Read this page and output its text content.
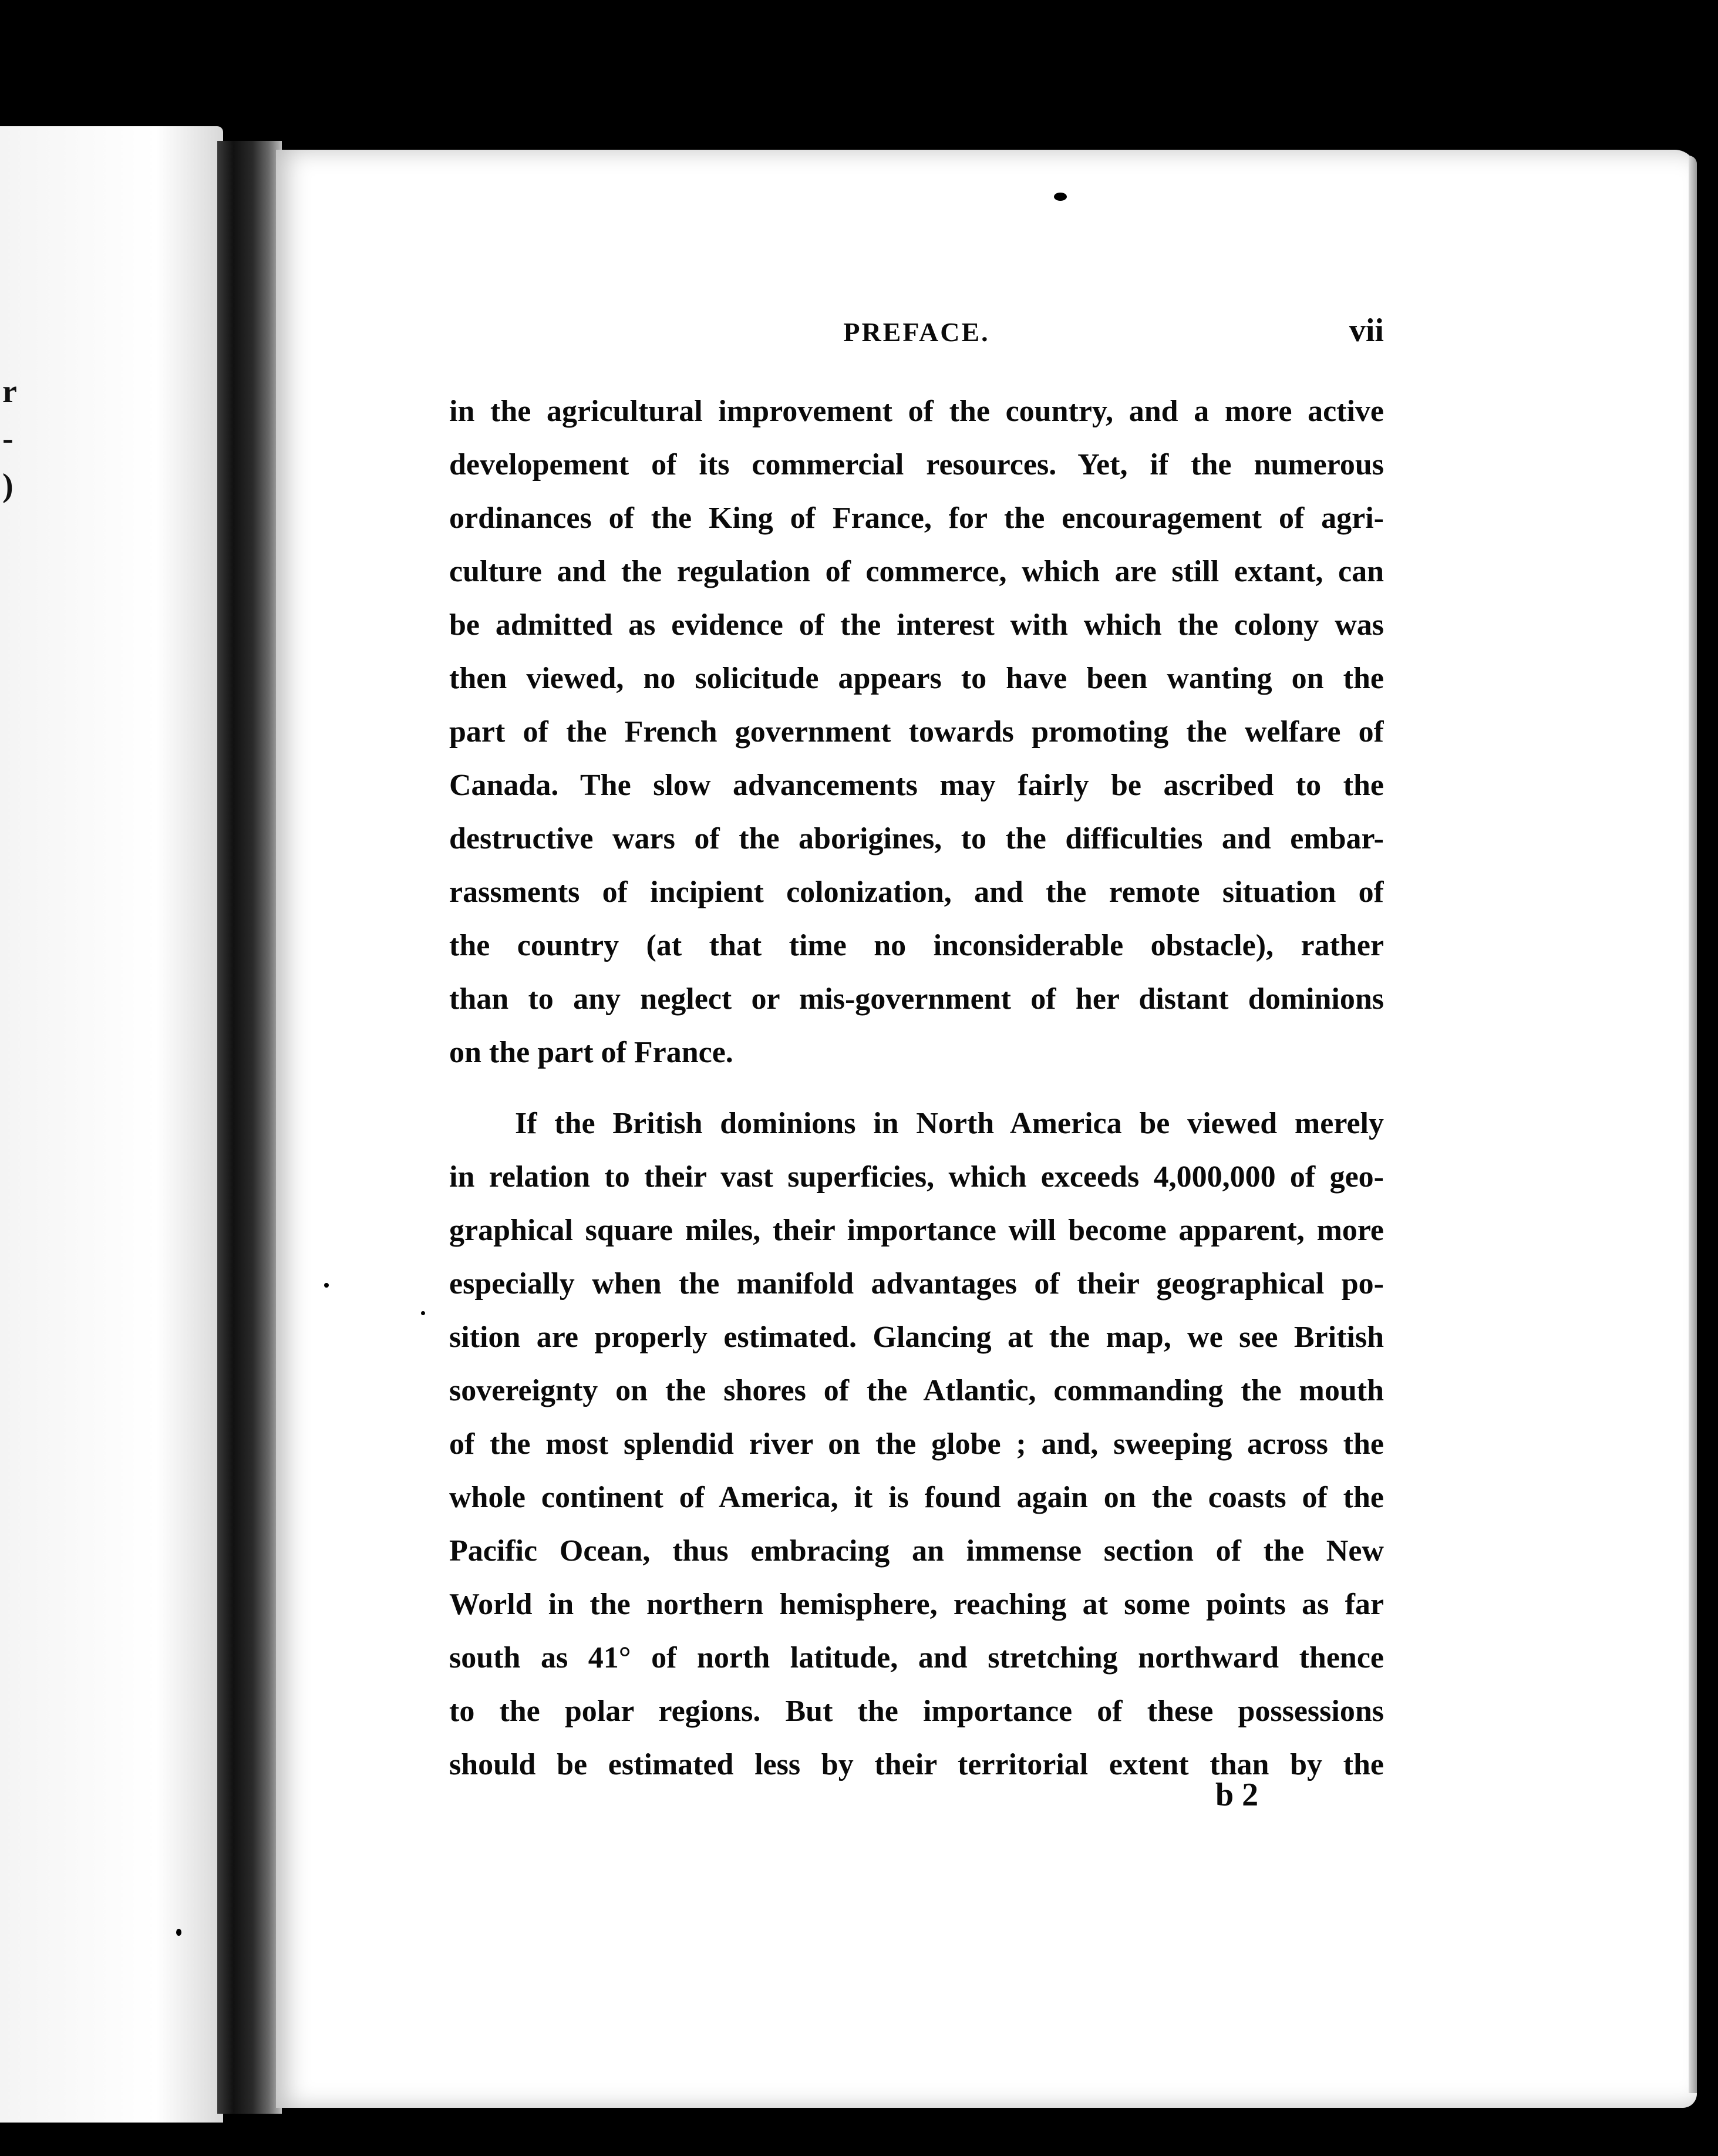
r
-
)
PREFACE.	vii
in the agricultural improvement of the country, and a more active
developement of its commercial resources. Yet, if the numerous
ordinances of the King of France, for the encouragement of agri-
culture and the regulation of commerce, which are still extant, can
be admitted as evidence of the interest with which the colony was
then viewed, no solicitude appears to have been wanting on the
part of the French government towards promoting the welfare of
Canada. The slow advancements may fairly be ascribed to the
destructive wars of the aborigines, to the difficulties and embar-
rassments of incipient colonization, and the remote situation of
the country (at that time no inconsiderable obstacle), rather
than to any neglect or mis-government of her distant dominions
on the part of France.
If the British dominions in North America be viewed merely
in relation to their vast superficies, which exceeds 4,000,000 of geo-
graphical square miles, their importance will become apparent, more
especially when the manifold advantages of their geographical po-
sition are properly estimated. Glancing at the map, we see British
sovereignty on the shores of the Atlantic, commanding the mouth
of the most splendid river on the globe ; and, sweeping across the
whole continent of America, it is found again on the coasts of the
Pacific Ocean, thus embracing an immense section of the New
World in the northern hemisphere, reaching at some points as far
south as 41° of north latitude, and stretching northward thence
to the polar regions. But the importance of these possessions
should be estimated less by their territorial extent than by the
b 2
